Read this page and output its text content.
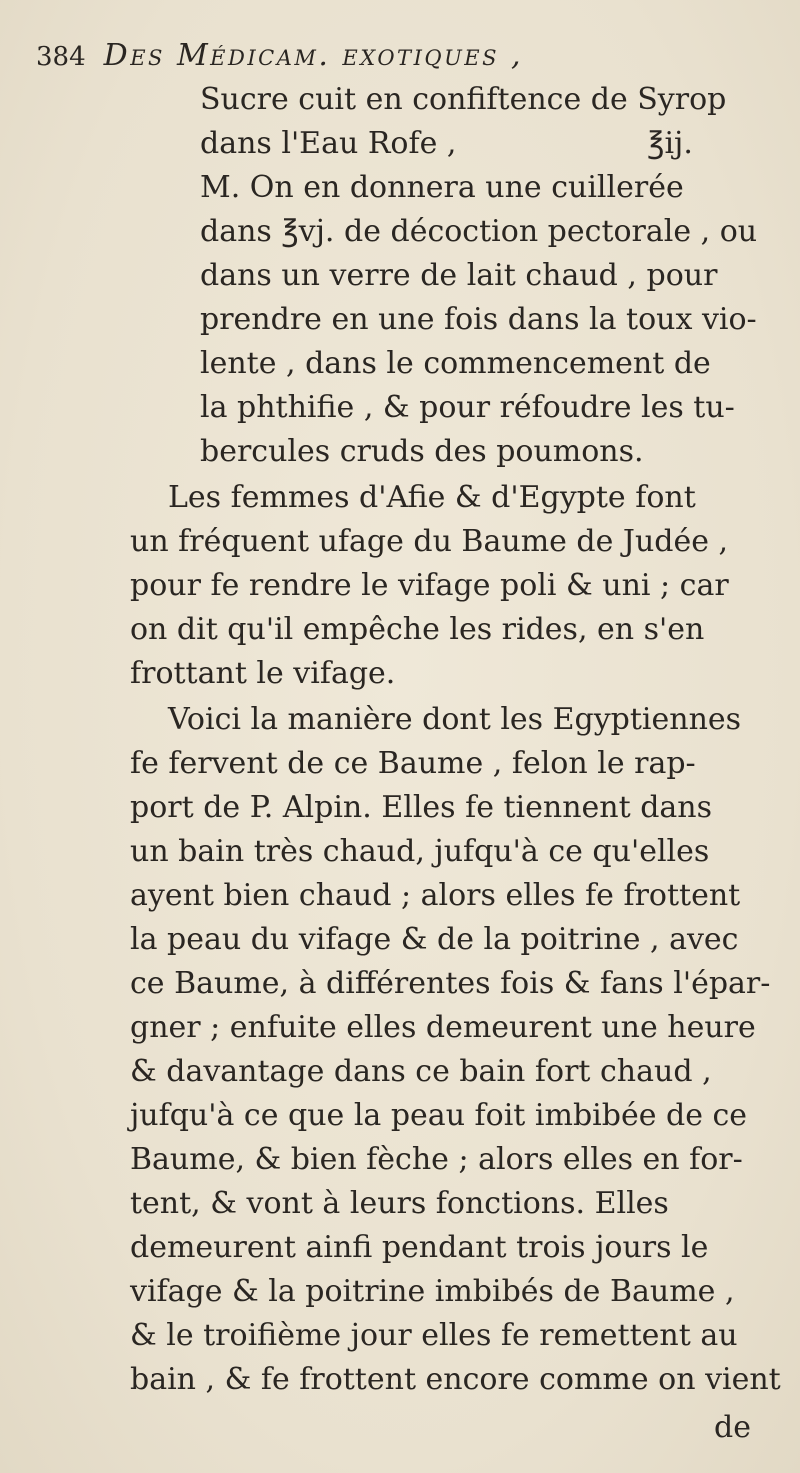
384 Des Médicam. exotiques ,
Sucre cuit en confiftence de Syrop
dans l'Eau Rofe ,                    ℥ij.
M. On en donnera une cuillerée
dans ℥vj. de décoction pectorale , ou
dans un verre de lait chaud , pour
prendre en une fois dans la toux vio-
lente , dans le commencement de
la phthifie , & pour réfoudre les tu-
bercules cruds des poumons.
Les femmes d'Afie & d'Egypte font
un fréquent ufage du Baume de Judée ,
pour fe rendre le vifage poli & uni ; car
on dit qu'il empêche les rides, en s'en
frottant le vifage.
Voici la manière dont les Egyptiennes
fe fervent de ce Baume , felon le rap-
port de P. Alpin. Elles fe tiennent dans
un bain très chaud, jufqu'à ce qu'elles
ayent bien chaud ; alors elles fe frottent
la peau du vifage & de la poitrine , avec
ce Baume, à différentes fois & fans l'épar-
gner ; enfuite elles demeurent une heure
& davantage dans ce bain fort chaud ,
jufqu'à ce que la peau foit imbibée de ce
Baume, & bien fèche ; alors elles en for-
tent, & vont à leurs fonctions. Elles
demeurent ainfi pendant trois jours le
vifage & la poitrine imbibés de Baume ,
& le troifième jour elles fe remettent au
bain , & fe frottent encore comme on vient
de
